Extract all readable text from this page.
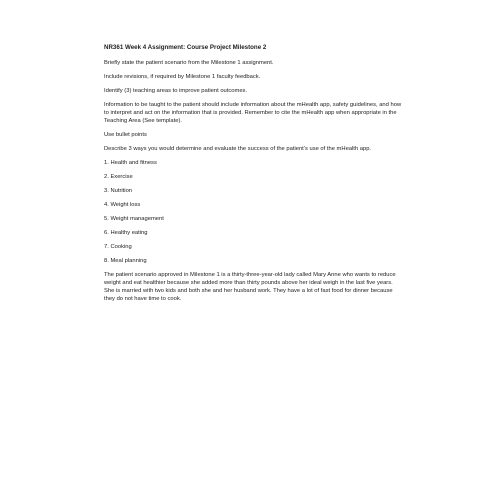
NR361 Week 4 Assignment: Course Project Milestone 2
Briefly state the patient scenario from the Milestone 1 assignment.
Include revisions, if required by Milestone 1 faculty feedback.
Identify (3) teaching areas to improve patient outcomes.
Information to be taught to the patient should include information about the mHealth app, safety guidelines, and how to interpret and act on the information that is provided. Remember to cite the mHealth app when appropriate in the Teaching Area (See template).
Use bullet points
Describe 3 ways you would determine and evaluate the success of the patient’s use of the mHealth app.
1. Health and fitness
2. Exercise
3. Nutrition
4. Weight loss
5. Weight management
6. Healthy eating
7. Cooking
8. Meal planning
The patient scenario approved in Milestone 1 is a thirty-three-year-old lady called Mary Anne who wants to reduce weight and eat healthier because she added more than thirty pounds above her ideal weigh in the last five years. She is married with two kids and both she and her husband work. They have a lot of fast food for dinner because they do not have time to cook.
